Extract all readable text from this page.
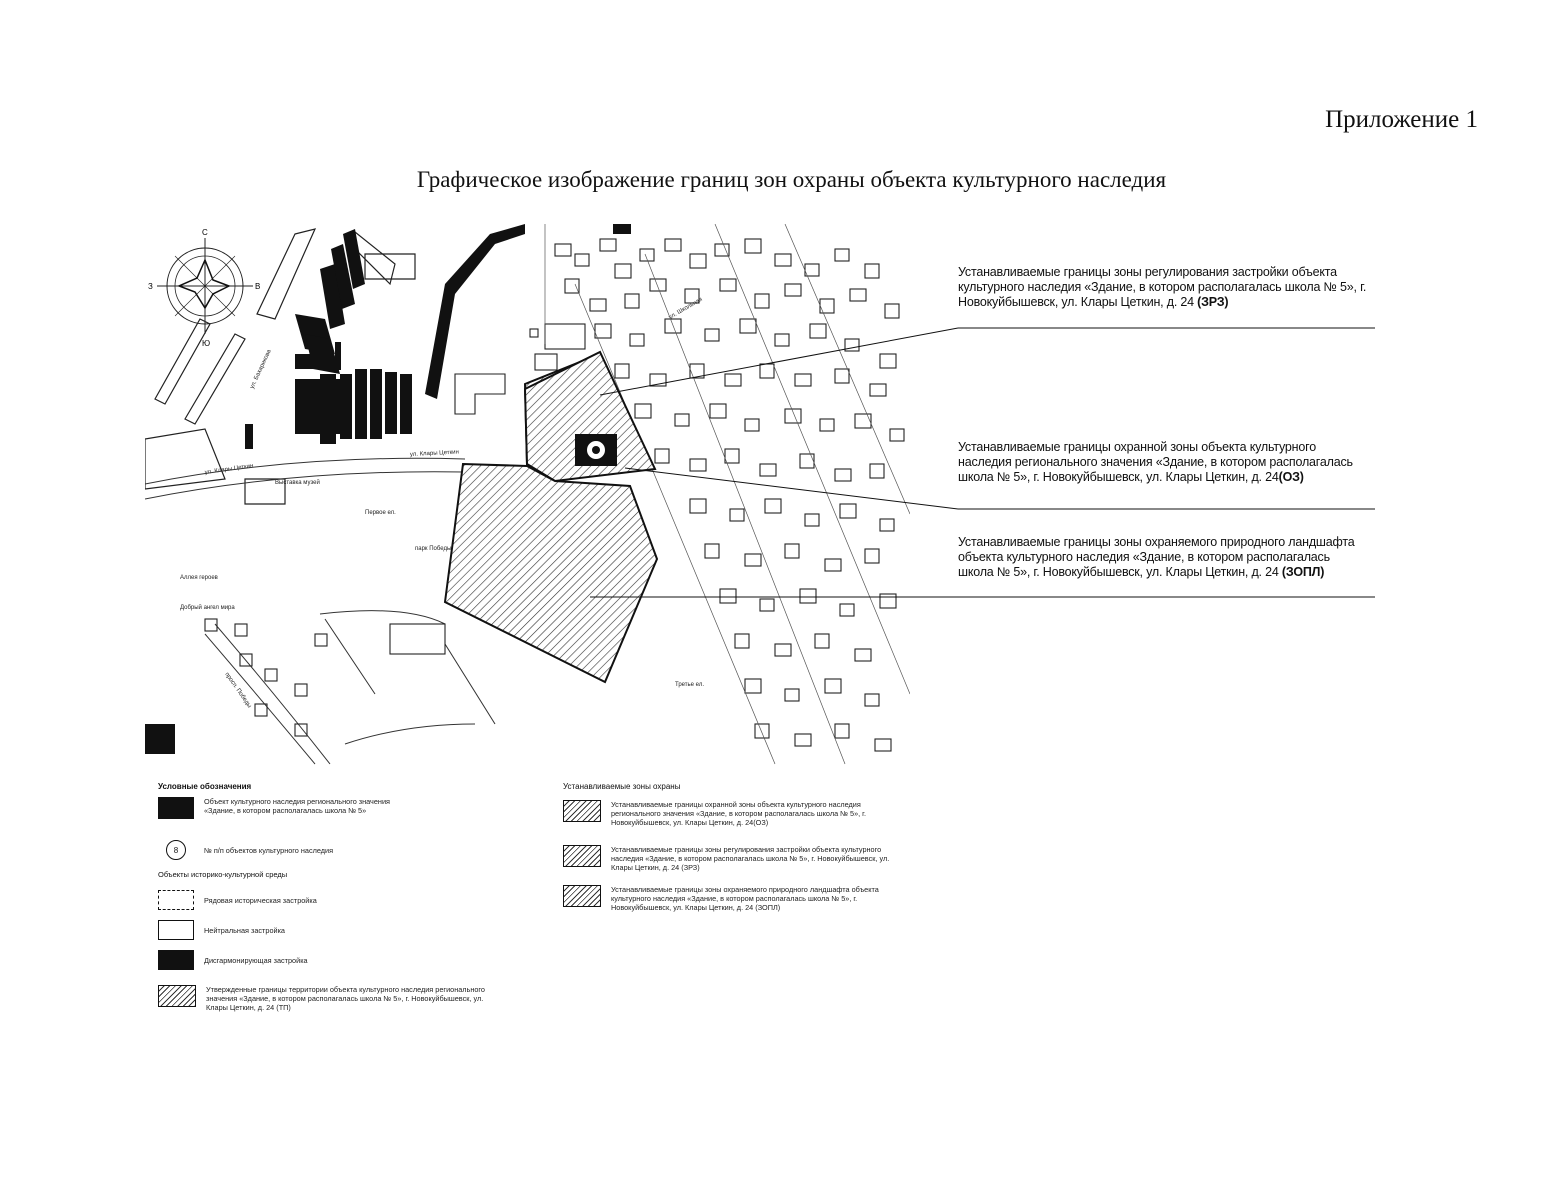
Приложение 1
Графическое изображение границ зон охраны объекта культурного наследия
С
Ю
З	В
ул. Бахарикова
ул. Клары Цеткин
ул. Клары Цеткин
Выставка музей
Первое ел.
парк Победы
Третье ел.
Аллея героев
Добрый ангел мира
просп. Победы
ул. Школьная
Устанавливаемые границы зоны регулирования застройки объекта культурного наследия «Здание, в котором располагалась школа № 5», г. Новокуйбышевск, ул. Клары Цеткин, д. 24 (ЗРЗ)
Устанавливаемые границы охранной зоны объекта культурного наследия регионального значения «Здание, в котором располагалась школа № 5», г. Новокуйбышевск, ул. Клары Цеткин, д. 24(ОЗ)
Устанавливаемые границы зоны охраняемого природного ландшафта объекта культурного наследия «Здание, в котором располагалась школа № 5», г. Новокуйбышевск, ул. Клары Цеткин, д. 24 (ЗОПЛ)
Условные обозначения
Объект культурного наследия регионального значения «Здание, в котором располагалась школа № 5»
8	№ п/п объектов культурного наследия
Объекты историко-культурной среды
Рядовая историческая застройка
Нейтральная застройка
Дисгармонирующая застройка
Утвержденные границы территории объекта культурного наследия регионального значения «Здание, в котором располагалась школа № 5», г. Новокуйбышевск, ул. Клары Цеткин, д. 24 (ТП)
Устанавливаемые зоны охраны
Устанавливаемые границы охранной зоны объекта культурного наследия регионального значения «Здание, в котором располагалась школа № 5», г. Новокуйбышевск, ул. Клары Цеткин, д. 24(ОЗ)
Устанавливаемые границы зоны регулирования застройки объекта культурного наследия «Здание, в котором располагалась школа № 5», г. Новокуйбышевск, ул. Клары Цеткин, д. 24 (ЗРЗ)
Устанавливаемые границы зоны охраняемого природного ландшафта объекта культурного наследия «Здание, в котором располагалась школа № 5», г. Новокуйбышевск, ул. Клары Цеткин, д. 24 (ЗОПЛ)
